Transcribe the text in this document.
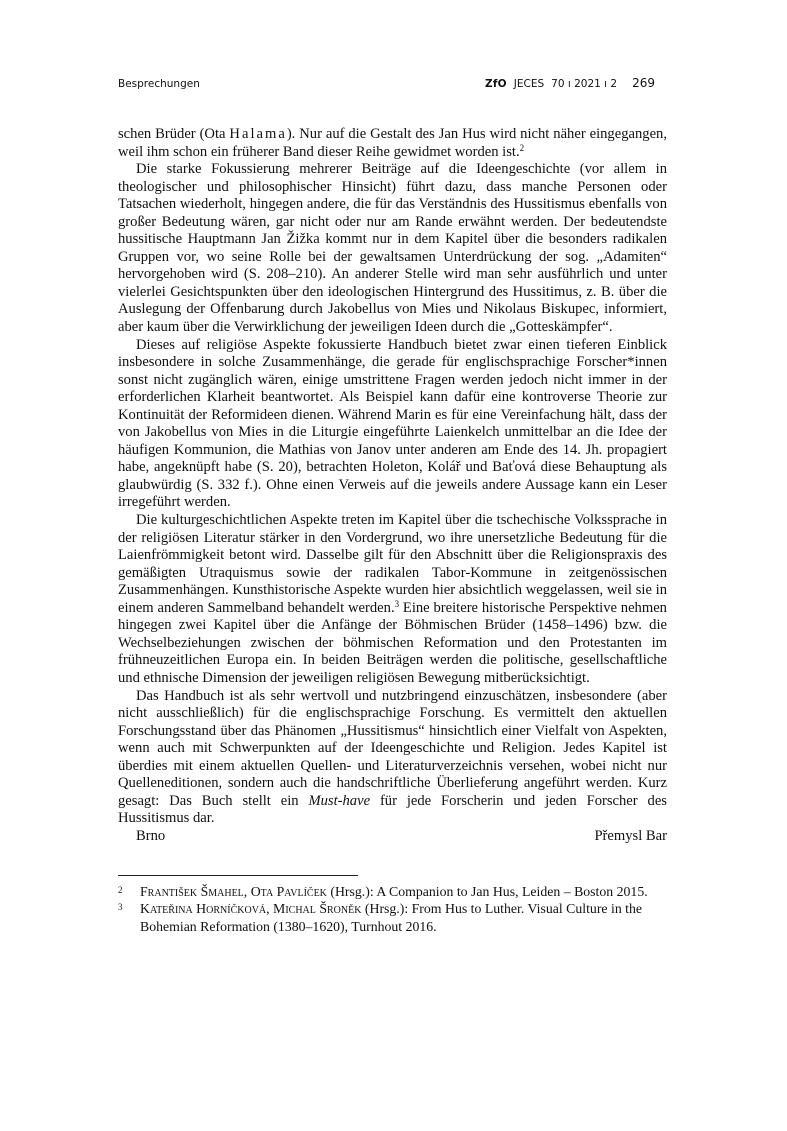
Besprechungen	ZfO JECES 70 ı 2021 ı 2 269

schen Brüder (Ota Halama). Nur auf die Gestalt des Jan Hus wird nicht näher eingegangen, weil ihm schon ein früherer Band dieser Reihe gewidmet worden ist.$^2$

Die starke Fokussierung mehrerer Beiträge auf die Ideengeschichte (vor allem in theologischer und philosophischer Hinsicht) führt dazu, dass manche Personen oder Tatsachen wiederholt, hingegen andere, die für das Verständnis des Hussitismus ebenfalls von großer Bedeutung wären, gar nicht oder nur am Rande erwähnt werden. Der bedeutendste hussitische Hauptmann Jan Žižka kommt nur in dem Kapitel über die besonders radikalen Gruppen vor, wo seine Rolle bei der gewaltsamen Unterdrückung der sog. „Adamiten“ hervorgehoben wird (S. 208–210). An anderer Stelle wird man sehr ausführlich und unter vielerlei Gesichtspunkten über den ideologischen Hintergrund des Hussitimus, z. B. über die Auslegung der Offenbarung durch Jakobellus von Mies und Nikolaus Biskupec, informiert, aber kaum über die Verwirklichung der jeweiligen Ideen durch die „Gotteskämpfer“.

Dieses auf religiöse Aspekte fokussierte Handbuch bietet zwar einen tieferen Einblick insbesondere in solche Zusammenhänge, die gerade für englischsprachige Forscher*innen sonst nicht zugänglich wären, einige umstrittene Fragen werden jedoch nicht immer in der erforderlichen Klarheit beantwortet. Als Beispiel kann dafür eine kontroverse Theorie zur Kontinuität der Reformideen dienen. Während Marin es für eine Vereinfachung hält, dass der von Jakobellus von Mies in die Liturgie eingeführte Laienkelch unmittelbar an die Idee der häufigen Kommunion, die Mathias von Janov unter anderen am Ende des 14. Jh. propagiert habe, angeknüpft habe (S. 20), betrachten Holeton, Kolář und Baťová diese Behauptung als glaubwürdig (S. 332 f.). Ohne einen Verweis auf die jeweils andere Aussage kann ein Leser irregeführt werden.

Die kulturgeschichtlichen Aspekte treten im Kapitel über die tschechische Volkssprache in der religiösen Literatur stärker in den Vordergrund, wo ihre unersetzliche Bedeutung für die Laienfrömmigkeit betont wird. Dasselbe gilt für den Abschnitt über die Religionspraxis des gemäßigten Utraquismus sowie der radikalen Tabor-Kommune in zeitgenössischen Zusammenhängen. Kunsthistorische Aspekte wurden hier absichtlich weggelassen, weil sie in einem anderen Sammelband behandelt werden.$^3$ Eine breitere historische Perspektive nehmen hingegen zwei Kapitel über die Anfänge der Böhmischen Brüder (1458–1496) bzw. die Wechselbeziehungen zwischen der böhmischen Reformation und den Protestanten im frühneuzeitlichen Europa ein. In beiden Beiträgen werden die politische, gesellschaftliche und ethnische Dimension der jeweiligen religiösen Bewegung mitberücksichtigt.

Das Handbuch ist als sehr wertvoll und nutzbringend einzuschätzen, insbesondere (aber nicht ausschließlich) für die englischsprachige Forschung. Es vermittelt den aktuellen Forschungsstand über das Phänomen „Hussitismus“ hinsichtlich einer Vielfalt von Aspekten, wenn auch mit Schwerpunkten auf der Ideengeschichte und Religion. Jedes Kapitel ist überdies mit einem aktuellen Quellen- und Literaturverzeichnis versehen, wobei nicht nur Quelleneditionen, sondern auch die handschriftliche Überlieferung angeführt werden. Kurz gesagt: Das Buch stellt ein Must-have für jede Forscherin und jeden Forscher des Hussitismus dar.

Brno	Přemysl Bar
2	František Šmahel, Ota Pavlíček (Hrsg.): A Companion to Jan Hus, Leiden – Boston 2015.
3	Kateřina Horníčková, Michal Šroněk (Hrsg.): From Hus to Luther. Visual Culture in the Bohemian Reformation (1380–1620), Turnhout 2016.
